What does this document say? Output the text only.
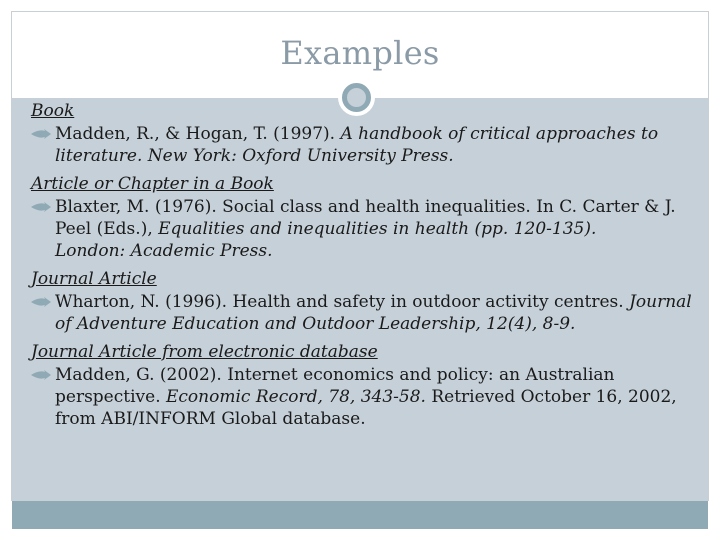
Examples

Book

Madden, R., & Hogan, T. (1997). A handbook of critical approaches to literature. New York: Oxford University Press.

Article or Chapter in a Book

Blaxter, M. (1976). Social class and health inequalities. In C. Carter & J. Peel (Eds.), Equalities and inequalities in health (pp. 120-135).
London: Academic Press.

Journal Article

Wharton, N. (1996). Health and safety in outdoor activity centres. Journal of Adventure Education and Outdoor Leadership, 12(4), 8-9.

Journal Article from electronic database

Madden, G. (2002). Internet economics and policy: an Australian perspective. Economic Record, 78, 343-58. Retrieved October 16, 2002, from ABI/INFORM Global database.
